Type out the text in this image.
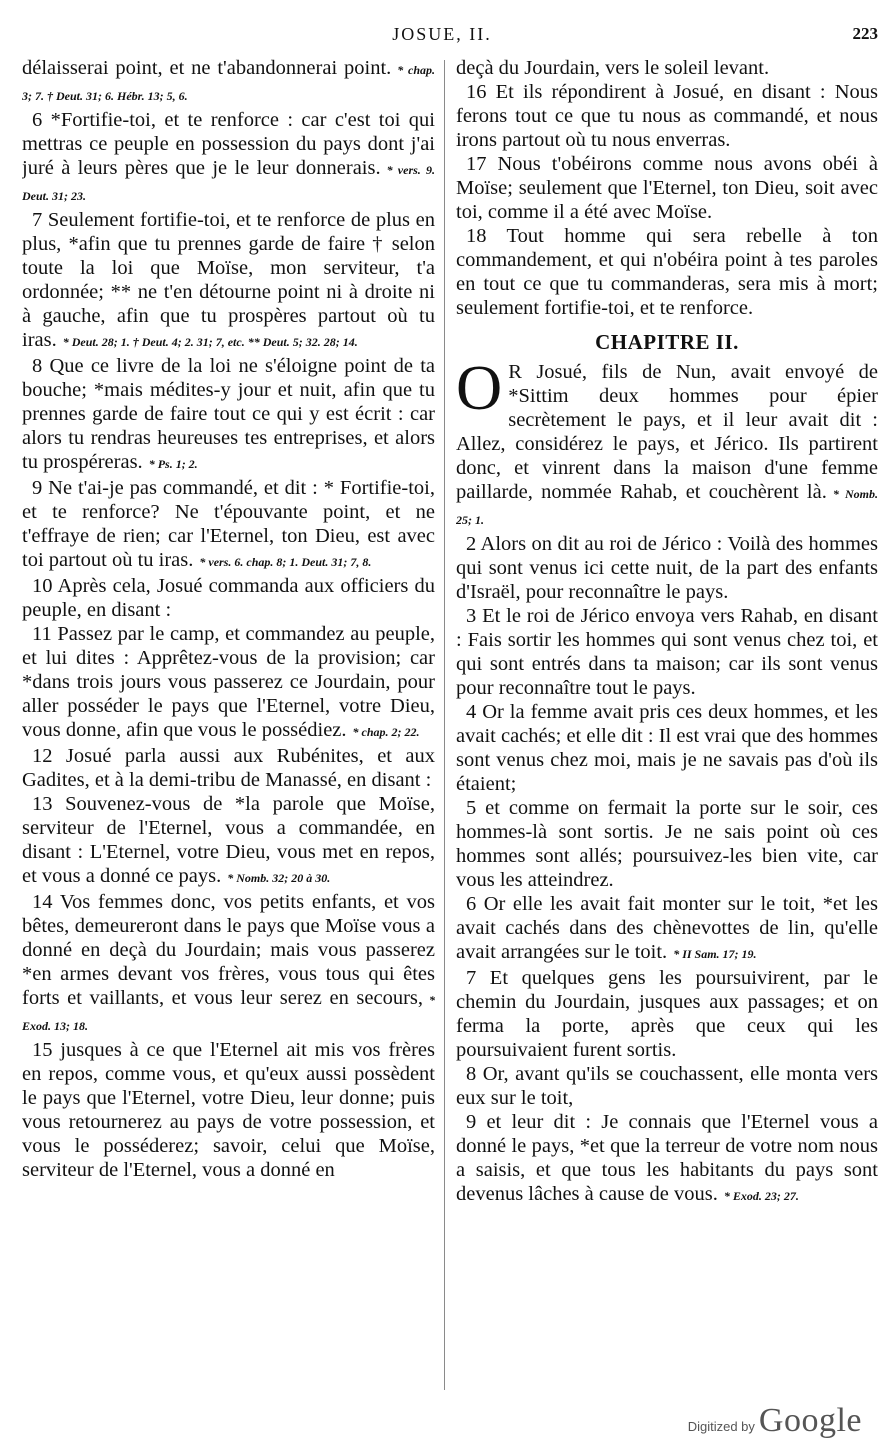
JOSUE, II.	223

délaisserai point, et ne t'abandonnerai point. * chap. 3; 7. † Deut. 31; 6. Hébr. 13; 5, 6.

6 *Fortifie-toi, et te renforce : car c'est toi qui mettras ce peuple en possession du pays dont j'ai juré à leurs pères que je le leur donnerais. * vers. 9. Deut. 31; 23.

7 Seulement fortifie-toi, et te renforce de plus en plus, *afin que tu prennes garde de faire † selon toute la loi que Moïse, mon serviteur, t'a ordonnée; ** ne t'en détourne point ni à droite ni à gauche, afin que tu prospères partout où tu iras. * Deut. 28; 1. † Deut. 4; 2. 31; 7, etc. ** Deut. 5; 32. 28; 14.

8 Que ce livre de la loi ne s'éloigne point de ta bouche; *mais médites-y jour et nuit, afin que tu prennes garde de faire tout ce qui y est écrit : car alors tu rendras heureuses tes entreprises, et alors tu prospéreras. * Ps. 1; 2.

9 Ne t'ai-je pas commandé, et dit : * Fortifie-toi, et te renforce? Ne t'épouvante point, et ne t'effraye de rien; car l'Eternel, ton Dieu, est avec toi partout où tu iras. * vers. 6. chap. 8; 1. Deut. 31; 7, 8.

10 Après cela, Josué commanda aux officiers du peuple, en disant :

11 Passez par le camp, et commandez au peuple, et lui dites : Apprêtez-vous de la provision; car *dans trois jours vous passerez ce Jourdain, pour aller posséder le pays que l'Eternel, votre Dieu, vous donne, afin que vous le possédiez. * chap. 2; 22.

12 Josué parla aussi aux Rubénites, et aux Gadites, et à la demi-tribu de Manassé, en disant :

13 Souvenez-vous de *la parole que Moïse, serviteur de l'Eternel, vous a commandée, en disant : L'Eternel, votre Dieu, vous met en repos, et vous a donné ce pays. * Nomb. 32; 20 à 30.

14 Vos femmes donc, vos petits enfants, et vos bêtes, demeureront dans le pays que Moïse vous a donné en deçà du Jourdain; mais vous passerez *en armes devant vos frères, vous tous qui êtes forts et vaillants, et vous leur serez en secours, * Exod. 13; 18.

15 jusques à ce que l'Eternel ait mis vos frères en repos, comme vous, et qu'eux aussi possèdent le pays que l'Eternel, votre Dieu, leur donne; puis vous retournerez au pays de votre possession, et vous le posséderez; savoir, celui que Moïse, serviteur de l'Eternel, vous a donné en

deçà du Jourdain, vers le soleil levant.

16 Et ils répondirent à Josué, en disant : Nous ferons tout ce que tu nous as commandé, et nous irons partout où tu nous enverras.

17 Nous t'obéirons comme nous avons obéi à Moïse; seulement que l'Eternel, ton Dieu, soit avec toi, comme il a été avec Moïse.

18 Tout homme qui sera rebelle à ton commandement, et qui n'obéira point à tes paroles en tout ce que tu commanderas, sera mis à mort; seulement fortifie-toi, et te renforce.

CHAPITRE II.

O R Josué, fils de Nun, avait envoyé de *Sittim deux hommes pour épier secrètement le pays, et il leur avait dit : Allez, considérez le pays, et Jérico. Ils partirent donc, et vinrent dans la maison d'une femme paillarde, nommée Rahab, et couchèrent là. * Nomb. 25; 1.

2 Alors on dit au roi de Jérico : Voilà des hommes qui sont venus ici cette nuit, de la part des enfants d'Israël, pour reconnaître le pays.

3 Et le roi de Jérico envoya vers Rahab, en disant : Fais sortir les hommes qui sont venus chez toi, et qui sont entrés dans ta maison; car ils sont venus pour reconnaître tout le pays.

4 Or la femme avait pris ces deux hommes, et les avait cachés; et elle dit : Il est vrai que des hommes sont venus chez moi, mais je ne savais pas d'où ils étaient;

5 et comme on fermait la porte sur le soir, ces hommes-là sont sortis. Je ne sais point où ces hommes sont allés; poursuivez-les bien vite, car vous les atteindrez.

6 Or elle les avait fait monter sur le toit, *et les avait cachés dans des chènevottes de lin, qu'elle avait arrangées sur le toit. * II Sam. 17; 19.

7 Et quelques gens les poursuivirent, par le chemin du Jourdain, jusques aux passages; et on ferma la porte, après que ceux qui les poursuivaient furent sortis.

8 Or, avant qu'ils se couchassent, elle monta vers eux sur le toit,

9 et leur dit : Je connais que l'Eternel vous a donné le pays, *et que la terreur de votre nom nous a saisis, et que tous les habitants du pays sont devenus lâches à cause de vous. * Exod. 23; 27.

Digitized by Google
